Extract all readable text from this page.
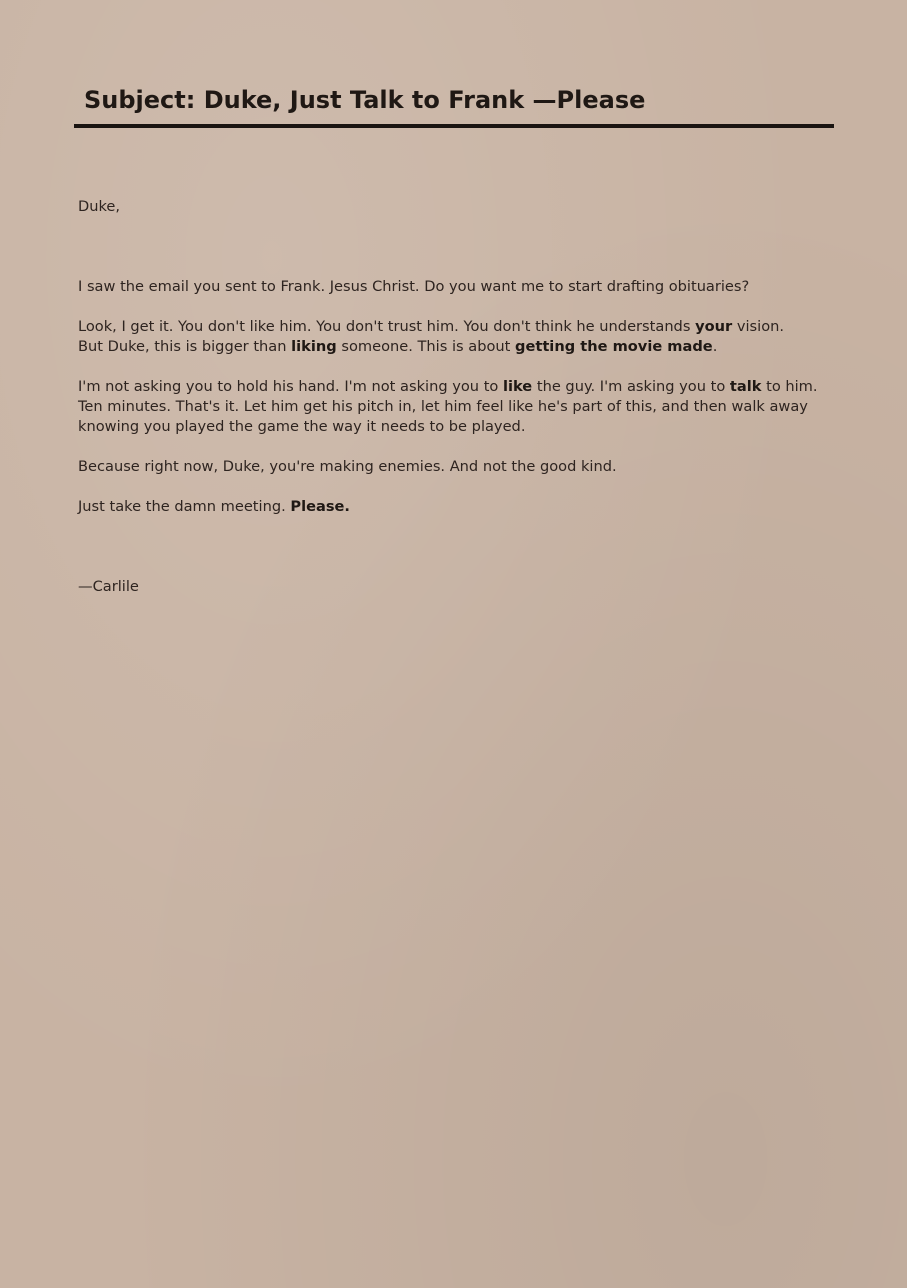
Subject: Duke, Just Talk to Frank —Please

Duke,

I saw the email you sent to Frank. Jesus Christ. Do you want me to start drafting obituaries?

Look, I get it. You don't like him. You don't trust him. You don't think he understands your vision.

But Duke, this is bigger than liking someone. This is about getting the movie made.

I'm not asking you to hold his hand. I'm not asking you to like the guy. I'm asking you to talk to him.

Ten minutes. That's it. Let him get his pitch in, let him feel like he's part of this, and then walk away

knowing you played the game the way it needs to be played.

Because right now, Duke, you're making enemies. And not the good kind.

Just take the damn meeting. Please.

—Carlile
